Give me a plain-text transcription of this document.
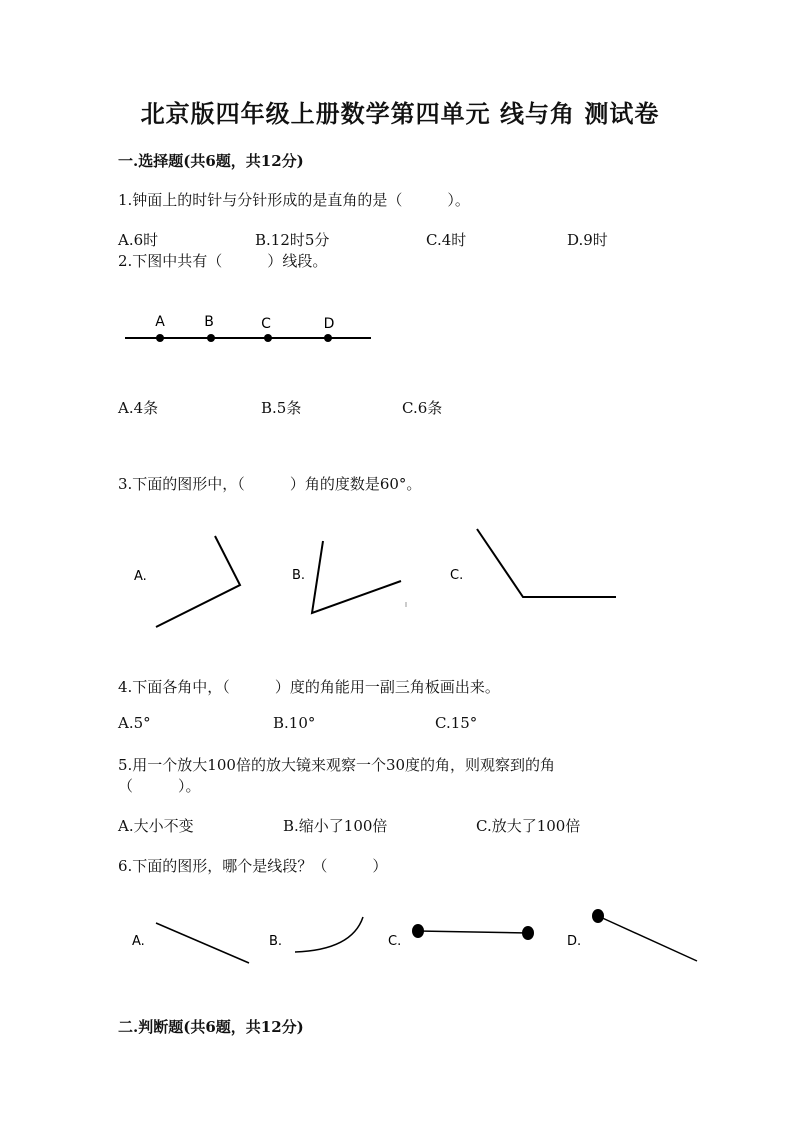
北京版四年级上册数学第四单元 线与角 测试卷
一.选择题(共6题，共12分)
1.钟面上的时针与分针形成的是直角的是（　　　）。
A.6时	B.12时5分	C.4时	D.9时
2.下图中共有（　　　）线段。
A	B	C	D
A.4条	B.5条	C.6条
3.下面的图形中，（　　　）角的度数是60°。
A.	B.	C.
4.下面各角中，（　　　）度的角能用一副三角板画出来。
A.5°	B.10°	C.15°
5.用一个放大100倍的放大镜来观察一个30度的角，则观察到的角
（　　　）。
A.大小不变	B.缩小了100倍	C.放大了100倍
6.下面的图形，哪个是线段？（　　　）
A.	B.	C.	D.
二.判断题(共6题，共12分)
